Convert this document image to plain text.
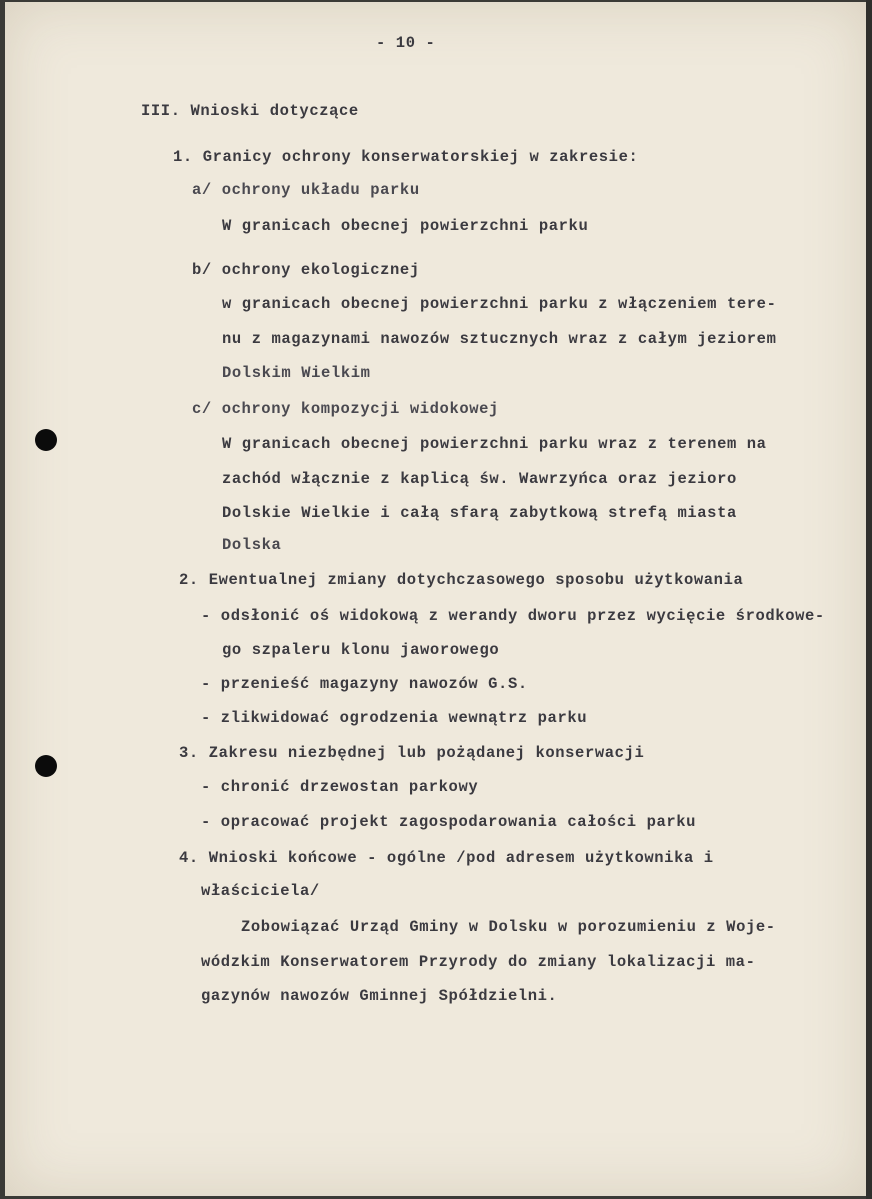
- 10 -
III. Wnioski dotyczące
1. Granicy ochrony konserwatorskiej w zakresie:
a/ ochrony układu parku
W granicach obecnej powierzchni parku
b/ ochrony ekologicznej
w granicach obecnej powierzchni parku z włączeniem tere-
nu z magazynami nawozów sztucznych wraz z całym jeziorem
Dolskim Wielkim
c/ ochrony kompozycji widokowej
W granicach obecnej powierzchni parku wraz z terenem na
zachód włącznie z kaplicą św. Wawrzyńca oraz jezioro
Dolskie Wielkie i całą sfarą zabytkową strefą miasta
Dolska
2. Ewentualnej zmiany dotychczasowego sposobu użytkowania
- odsłonić oś widokową z werandy dworu przez wycięcie środkowe-
go szpaleru klonu jaworowego
- przenieść magazyny nawozów G.S.
- zlikwidować ogrodzenia wewnątrz parku
3. Zakresu niezbędnej lub pożądanej konserwacji
- chronić drzewostan parkowy
- opracować projekt zagospodarowania całości parku
4. Wnioski końcowe - ogólne /pod adresem użytkownika i
właściciela/
Zobowiązać Urząd Gminy w Dolsku w porozumieniu z Woje-
wódzkim Konserwatorem Przyrody do zmiany lokalizacji ma-
gazynów nawozów Gminnej Spółdzielni.
